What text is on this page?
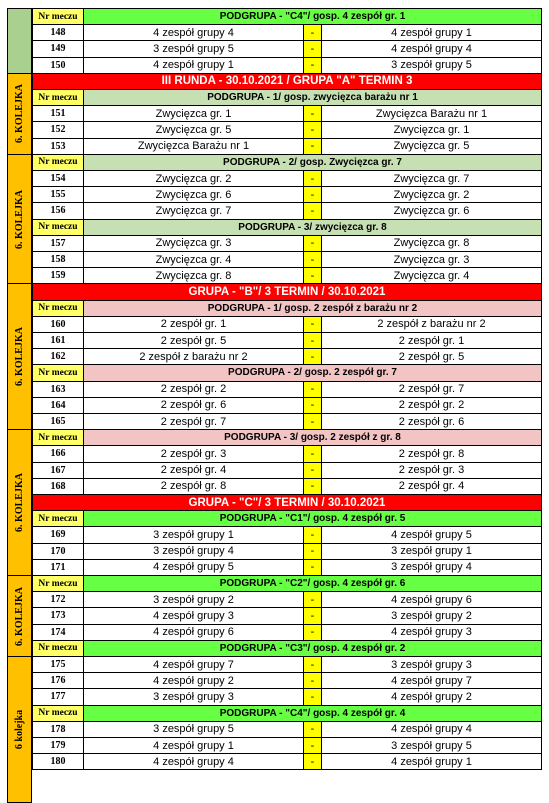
Nr meczu	PODGRUPA - "C4"/ gosp. 4 zespół gr. 1
148	4 zespół grupy 4	-	4 zespół grupy 1
149	3 zespół grupy 5	-	4 zespół grupy 4
150	4 zespół grupy 1	-	3 zespół grupy 5
III RUNDA - 30.10.2021 / GRUPA "A" TERMIN 3
Nr meczu	PODGRUPA - 1/ gosp. zwycięzca barażu nr 1
151	Zwycięzca gr. 1	-	Zwycięzca Barażu nr 1
152	Zwycięzca gr. 5	-	Zwycięzca gr. 1
153	Zwycięzca Barażu nr 1	-	Zwycięzca gr. 5
Nr meczu	PODGRUPA - 2/ gosp. Zwycięzca gr. 7
154	Zwycięzca gr. 2	-	Zwycięzca gr. 7
155	Zwycięzca gr. 6	-	Zwycięzca gr. 2
156	Zwycięzca gr. 7	-	Zwycięzca gr. 6
Nr meczu	PODGRUPA - 3/ zwycięzca gr. 8
157	Zwycięzca gr. 3	-	Zwycięzca gr. 8
158	Zwycięzca gr. 4	-	Zwycięzca gr. 3
159	Zwycięzca gr. 8	-	Zwycięzca gr. 4
GRUPA - "B"/ 3 TERMIN / 30.10.2021
Nr meczu	PODGRUPA - 1/ gosp. 2 zespół z barażu nr 2
160	2 zespół gr. 1	-	2 zespół z barażu nr 2
161	2 zespół gr. 5	-	2 zespół gr. 1
162	2 zespół z barażu nr 2	-	2 zespół gr. 5
Nr meczu	PODGRUPA - 2/ gosp. 2 zespół gr. 7
163	2 zespół gr. 2	-	2 zespół gr. 7
164	2 zespół gr. 6	-	2 zespół gr. 2
165	2 zespół gr. 7	-	2 zespół gr. 6
Nr meczu	PODGRUPA - 3/ gosp. 2 zespół z gr. 8
166	2 zespół gr. 3	-	2 zespół gr. 8
167	2 zespół gr. 4	-	2 zespół gr. 3
168	2 zespół gr. 8	-	2 zespół gr. 4
GRUPA - "C"/ 3 TERMIN / 30.10.2021
Nr meczu	PODGRUPA - "C1"/ gosp. 4 zespół gr. 5
169	3 zespół grupy 1	-	4 zespół grupy 5
170	3 zespół grupy 4	-	3 zespół grupy 1
171	4 zespół grupy 5	-	3 zespół grupy 4
Nr meczu	PODGRUPA - "C2"/ gosp. 4 zespół gr. 6
172	3 zespół grupy 2	-	4 zespół grupy 6
173	4 zespół grupy 3	-	3 zespół grupy 2
174	4 zespół grupy 6	-	4 zespół grupy 3
Nr meczu	PODGRUPA - "C3"/ gosp. 4 zespół gr. 2
175	4 zespół grupy 7	-	3 zespół grupy 3
176	4 zespół grupy 2	-	4 zespół grupy 7
177	3 zespół grupy 3	-	4 zespół grupy 2
Nr meczu	PODGRUPA - "C4"/ gosp. 4 zespół gr. 4
178	3 zespół grupy 5	-	4 zespół grupy 4
179	4 zespół grupy 1	-	3 zespół grupy 5
180	4 zespół grupy 4	-	4 zespół grupy 1
6. KOLEJKA
6. KOLEJKA
6. KOLEJKA
6. KOLEJKA
6. KOLEJKA
6 kolejka
